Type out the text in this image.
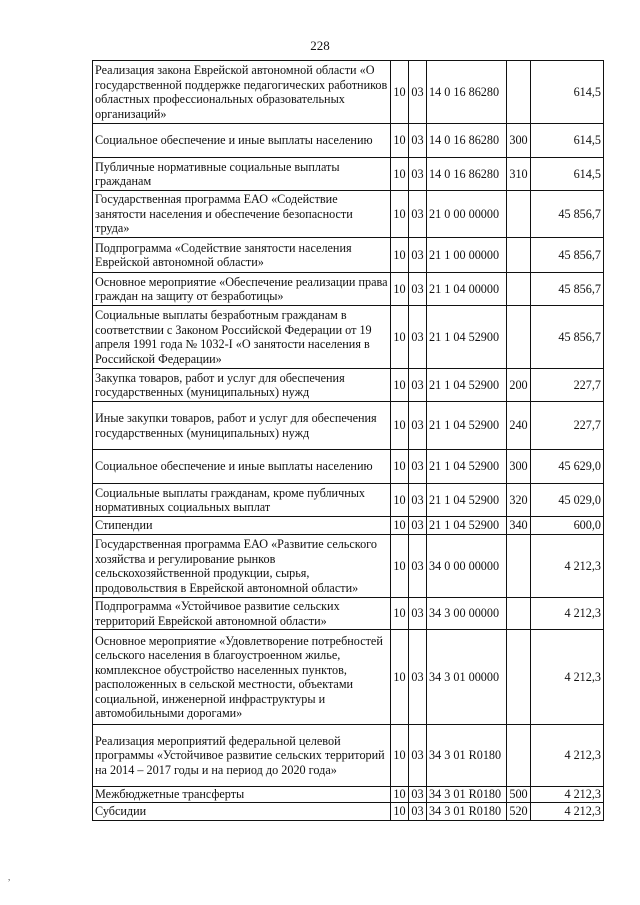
228
Реализация закона Еврейской автономной области «О государственной поддержке педагогических работников областных профессиональных образовательных организаций»	10	03	14 0 16 86280		614,5
Социальное обеспечение и иные выплаты населению	10	03	14 0 16 86280	300	614,5
Публичные нормативные социальные выплаты гражданам	10	03	14 0 16 86280	310	614,5
Государственная программа ЕАО «Содействие занятости населения и обеспечение безопасности труда»	10	03	21 0 00 00000		45 856,7
Подпрограмма «Содействие занятости населения Еврейской автономной области»	10	03	21 1 00 00000		45 856,7
Основное мероприятие «Обеспечение реализации права граждан на защиту от безработицы»	10	03	21 1 04 00000		45 856,7
Социальные выплаты безработным гражданам в соответствии с Законом Российской Федерации от 19 апреля 1991 года № 1032-I «О занятости населения в Российской Федерации»	10	03	21 1 04 52900		45 856,7
Закупка товаров, работ и услуг для обеспечения государственных (муниципальных) нужд	10	03	21 1 04 52900	200	227,7
Иные закупки товаров, работ и услуг для обеспечения государственных (муниципальных) нужд	10	03	21 1 04 52900	240	227,7
Социальное обеспечение и иные выплаты населению	10	03	21 1 04 52900	300	45 629,0
Социальные выплаты гражданам, кроме публичных нормативных социальных выплат	10	03	21 1 04 52900	320	45 029,0
Стипендии	10	03	21 1 04 52900	340	600,0
Государственная программа ЕАО «Развитие сельского хозяйства и регулирование рынков сельскохозяйственной продукции, сырья, продовольствия в Еврейской автономной области»	10	03	34 0 00 00000		4 212,3
Подпрограмма «Устойчивое развитие сельских территорий Еврейской автономной области»	10	03	34 3 00 00000		4 212,3
Основное мероприятие «Удовлетворение потребностей сельского населения в благоустроенном жилье, комплексное обустройство населенных пунктов, расположенных в сельской местности, объектами социальной, инженерной инфраструктуры и автомобильными дорогами»	10	03	34 3 01 00000		4 212,3
Реализация мероприятий федеральной целевой программы «Устойчивое развитие сельских территорий на 2014 – 2017 годы и на период до 2020 года»	10	03	34 3 01 R0180		4 212,3
Межбюджетные трансферты	10	03	34 3 01 R0180	500	4 212,3
Субсидии	10	03	34 3 01 R0180	520	4 212,3
,
